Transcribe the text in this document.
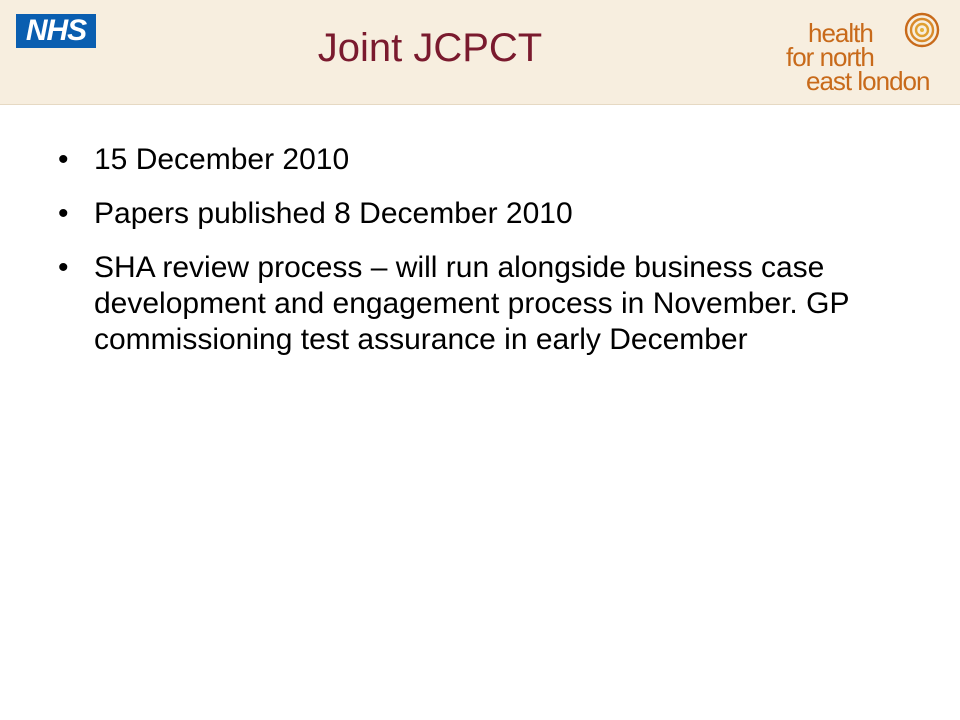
NHS	Joint JCPCT	health
for north
east london
• 15 December 2010
• Papers published 8 December 2010
• SHA review process – will run alongside business case development and engagement process in November. GP commissioning test assurance in early December
